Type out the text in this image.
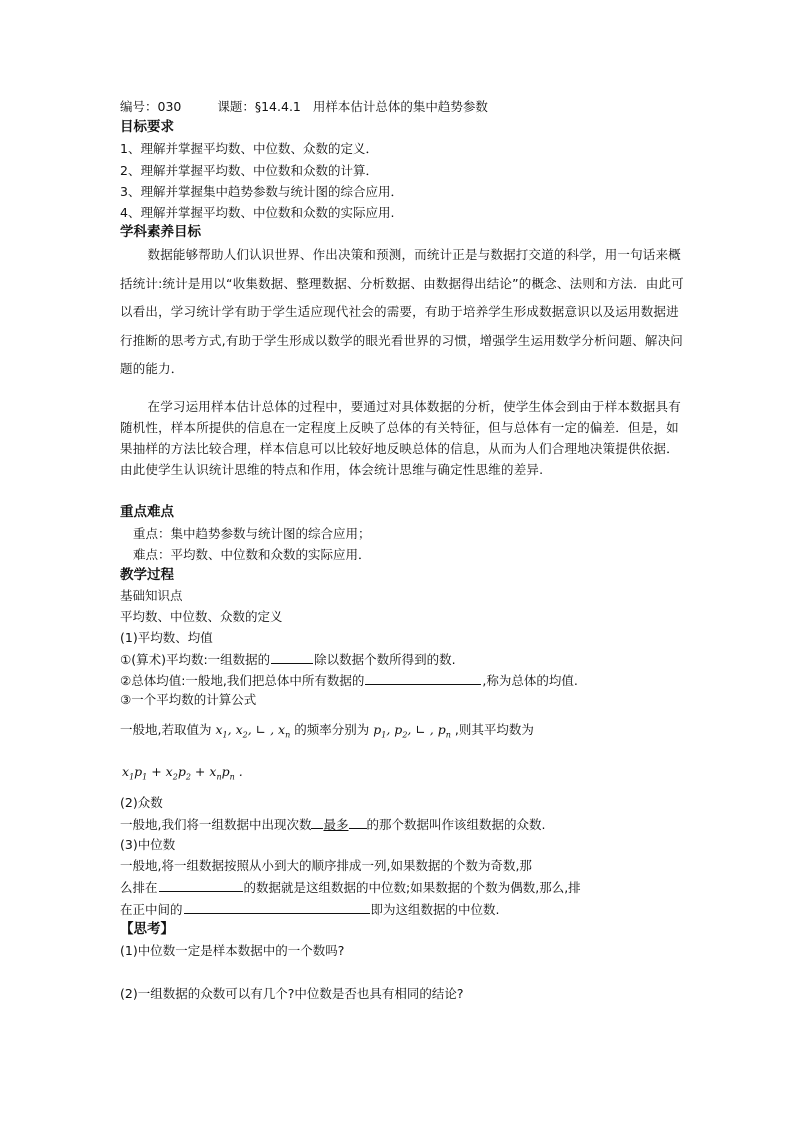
编号：030	课题：§14.4.1 用样本估计总体的集中趋势参数
目标要求
1、理解并掌握平均数、中位数、众数的定义．
2、理解并掌握平均数、中位数和众数的计算．
3、理解并掌握集中趋势参数与统计图的综合应用．
4、理解并掌握平均数、中位数和众数的实际应用.
学科素养目标

数据能够帮助人们认识世界、作出决策和预测，而统计正是与数据打交道的科学，用一句话来概括统计:统计是用以“收集数据、整理数据、分析数据、由数据得出结论”的概念、法则和方法．由此可以看出，学习统计学有助于学生适应现代社会的需要，有助于培养学生形成数据意识以及运用数据进行推断的思考方式,有助于学生形成以数学的眼光看世界的习惯，增强学生运用数学分析问题、解决问题的能力．

在学习运用样本估计总体的过程中，要通过对具体数据的分析，使学生体会到由于样本数据具有随机性，样本所提供的信息在一定程度上反映了总体的有关特征，但与总体有一定的偏差．但是，如果抽样的方法比较合理，样本信息可以比较好地反映总体的信息，从而为人们合理地决策提供依据．由此使学生认识统计思维的特点和作用，体会统计思维与确定性思维的差异.

重点难点
重点：集中趋势参数与统计图的综合应用；
难点：平均数、中位数和众数的实际应用．
教学过程
基础知识点
平均数、中位数、众数的定义
(1)平均数、均值
①(算术)平均数:一组数据的	除以数据个数所得到的数.
②总体均值:一般地,我们把总体中所有数据的	,称为总体的均值.
③一个平均数的计算公式
一般地,若取值为 $x_1$, $x_2$, ∟ , $x_n$ 的频率分别为 $p_1$, $p_2$, ∟ , $p_n$ ,则其平均数为
$x_1p_1 + x_2p_2 + x_np_n$ .
(2)众数
一般地,我们将一组数据中出现次数 最多 的那个数据叫作该组数据的众数.
(3)中位数
一般地,将一组数据按照从小到大的顺序排成一列,如果数据的个数为奇数,那
么排在	的数据就是这组数据的中位数;如果数据的个数为偶数,那么,排
在正中间的	即为这组数据的中位数.
【思考】
(1)中位数一定是样本数据中的一个数吗?
(2)一组数据的众数可以有几个?中位数是否也具有相同的结论?
